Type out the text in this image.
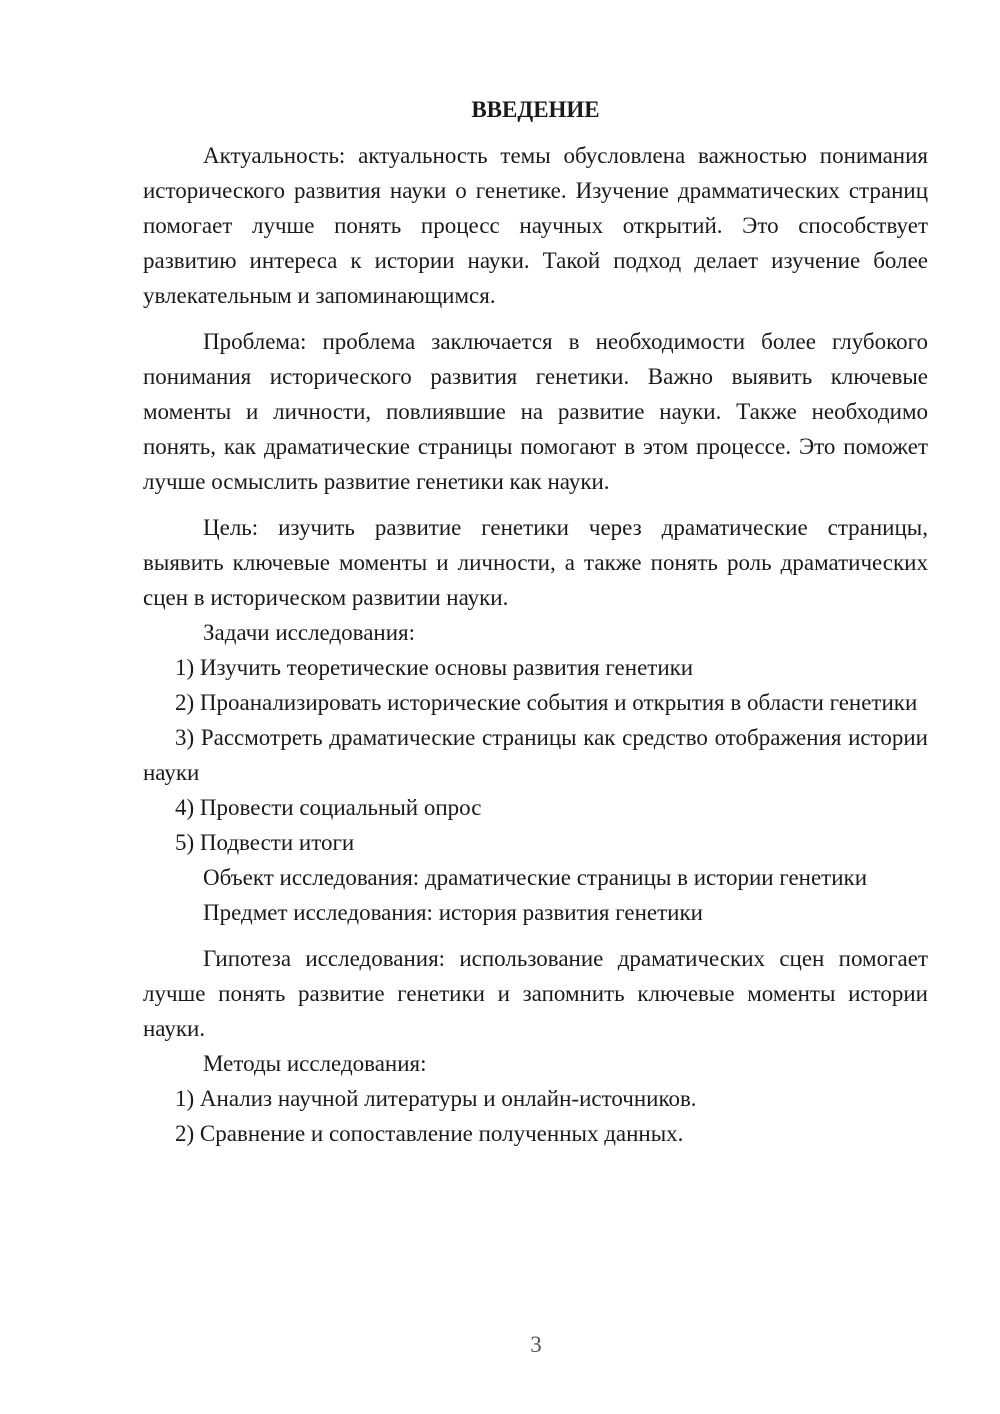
ВВЕДЕНИЕ

Актуальность: актуальность темы обусловлена важностью понимания исторического развития науки о генетике. Изучение драмматических страниц помогает лучше понять процесс научных открытий. Это способствует развитию интереса к истории науки. Такой подход делает изучение более увлекательным и запоминающимся.

Проблема: проблема заключается в необходимости более глубокого понимания исторического развития генетики. Важно выявить ключевые моменты и личности, повлиявшие на развитие науки. Также необходимо понять, как драматические страницы помогают в этом процессе. Это поможет лучше осмыслить развитие генетики как науки.

Цель: изучить развитие генетики через драматические страницы, выявить ключевые моменты и личности, а также понять роль драматических сцен в историческом развитии науки.

Задачи исследования:

1) Изучить теоретические основы развития генетики

2) Проанализировать исторические события и открытия в области генетики

3) Рассмотреть драматические страницы как средство отображения истории науки

4) Провести социальный опрос

5) Подвести итоги

Объект исследования: драматические страницы в истории генетики

Предмет исследования: история развития генетики

Гипотеза исследования: использование драматических сцен помогает лучше понять развитие генетики и запомнить ключевые моменты истории науки.

Методы исследования:

1) Анализ научной литературы и онлайн-источников.

2) Сравнение и сопоставление полученных данных.

3
